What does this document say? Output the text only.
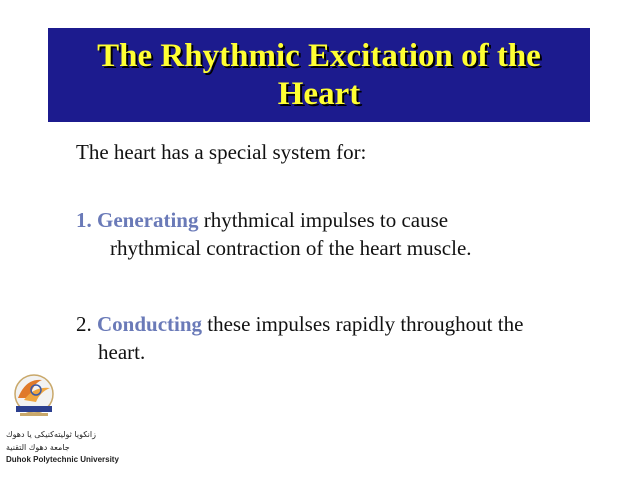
The Rhythmic Excitation of the Heart

The heart has a special system for:

1. Generating rhythmical impulses to cause
rhythmical contraction of the heart muscle.

2. Conducting these impulses rapidly throughout the
heart.

زانكويا ثوليتەكنيكى يا دهوك
جامعة دهوك التقنية
Duhok Polytechnic University
